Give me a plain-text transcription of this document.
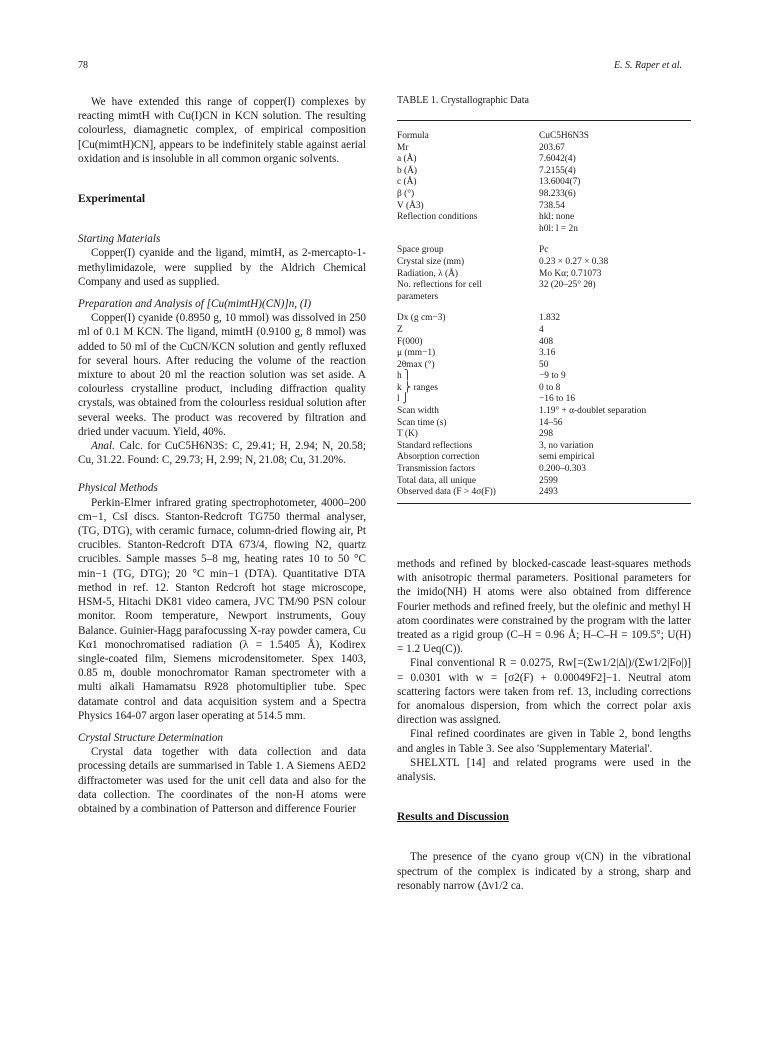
78	E. S. Raper et al.

We have extended this range of copper(I) complexes by reacting mimtH with Cu(I)CN in KCN solution. The resulting colourless, diamagnetic complex, of empirical composition [Cu(mimtH)CN], appears to be indefinitely stable against aerial oxidation and is insoluble in all common organic solvents.

Experimental
Starting Materials

Copper(I) cyanide and the ligand, mimtH, as 2-mercapto-1-methylimidazole, were supplied by the Aldrich Chemical Company and used as supplied.

Preparation and Analysis of [Cu(mimtH)(CN)]n, (I)

Copper(I) cyanide (0.8950 g, 10 mmol) was dissolved in 250 ml of 0.1 M KCN. The ligand, mimtH (0.9100 g, 8 mmol) was added to 50 ml of the CuCN/KCN solution and gently refluxed for several hours. After reducing the volume of the reaction mixture to about 20 ml the reaction solution was set aside. A colourless crystalline product, including diffraction quality crystals, was obtained from the colourless residual solution after several weeks. The product was recovered by filtration and dried under vacuum. Yield, 40%.

Anal. Calc. for CuC5H6N3S: C, 29.41; H, 2.94; N, 20.58; Cu, 31.22. Found: C, 29.73; H, 2.99; N, 21.08; Cu, 31.20%.

Physical Methods

Perkin-Elmer infrared grating spectrophotometer, 4000–200 cm−1, CsI discs. Stanton-Redcroft TG750 thermal analyser, (TG, DTG), with ceramic furnace, column-dried flowing air, Pt crucibles. Stanton-Redcroft DTA 673/4, flowing N2, quartz crucibles. Sample masses 5–8 mg, heating rates 10 to 50 °C min−1 (TG, DTG); 20 °C min−1 (DTA). Quantitative DTA method in ref. 12. Stanton Redcroft hot stage microscope, HSM-5, Hitachi DK81 video camera, JVC TM/90 PSN colour monitor. Room temperature, Newport instruments, Gouy Balance. Guinier-Hagg parafocussing X-ray powder camera, Cu Kα1 monochromatised radiation (λ = 1.5405 Å), Kodirex single-coated film, Siemens microdensitometer. Spex 1403, 0.85 m, double monochromator Raman spectrometer with a multi alkali Hamamatsu R928 photomultiplier tube. Spec datamate control and data acquisition system and a Spectra Physics 164-07 argon laser operating at 514.5 mm.

Crystal Structure Determination

Crystal data together with data collection and data processing details are summarised in Table 1. A Siemens AED2 diffractometer was used for the unit cell data and also for the data collection. The coordinates of the non-H atoms were obtained by a combination of Patterson and difference Fourier

TABLE 1. Crystallographic Data
Formula	CuC5H6N3S
Mr	203.67
a (Å)	7.6042(4)
b (Å)	7.2155(4)
c (Å)	13.6004(7)
β (°)	98.233(6)
V (Å3)	738.54
Reflection conditions	hkl: none
h0l: l = 2n
Space group	Pc
Crystal size (mm)	0.23 × 0.27 × 0.38
Radiation, λ (Å)	Mo Kα; 0.71073
No. reflections for cell	32 (20–25° 2θ)
parameters
Dx (g cm−3)	1.832
Z	4
F(000)	408
μ (mm−1)	3.16
2θmax (°)	50
h ⎫	−9 to 9
k ⎬ ranges	0 to 8
l ⎭	−16 to 16
Scan width	1.19° + α-doublet separation
Scan time (s)	14–56
T (K)	298
Standard reflections	3, no variation
Absorption correction	semi empirical
Transmission factors	0.200–0.303
Total data, all unique	2599
Observed data (F > 4σ(F))	2493

methods and refined by blocked-cascade least-squares methods with anisotropic thermal parameters. Positional parameters for the imido(NH) H atoms were also obtained from difference Fourier methods and refined freely, but the olefinic and methyl H atom coordinates were constrained by the program with the latter treated as a rigid group (C–H = 0.96 Å; H–C–H = 109.5°; U(H) = 1.2 Ueq(C)).

Final conventional R = 0.0275, Rw[=(Σw1/2|Δ|)/(Σw1/2|Fo|)] = 0.0301 with w = [σ2(F) + 0.00049F2]−1. Neutral atom scattering factors were taken from ref. 13, including corrections for anomalous dispersion, from which the correct polar axis direction was assigned.

Final refined coordinates are given in Table 2, bond lengths and angles in Table 3. See also 'Supplementary Material'.

SHELXTL [14] and related programs were used in the analysis.

Results and Discussion

The presence of the cyano group ν(CN) in the vibrational spectrum of the complex is indicated by a strong, sharp and resonably narrow (Δν1/2 ca.
